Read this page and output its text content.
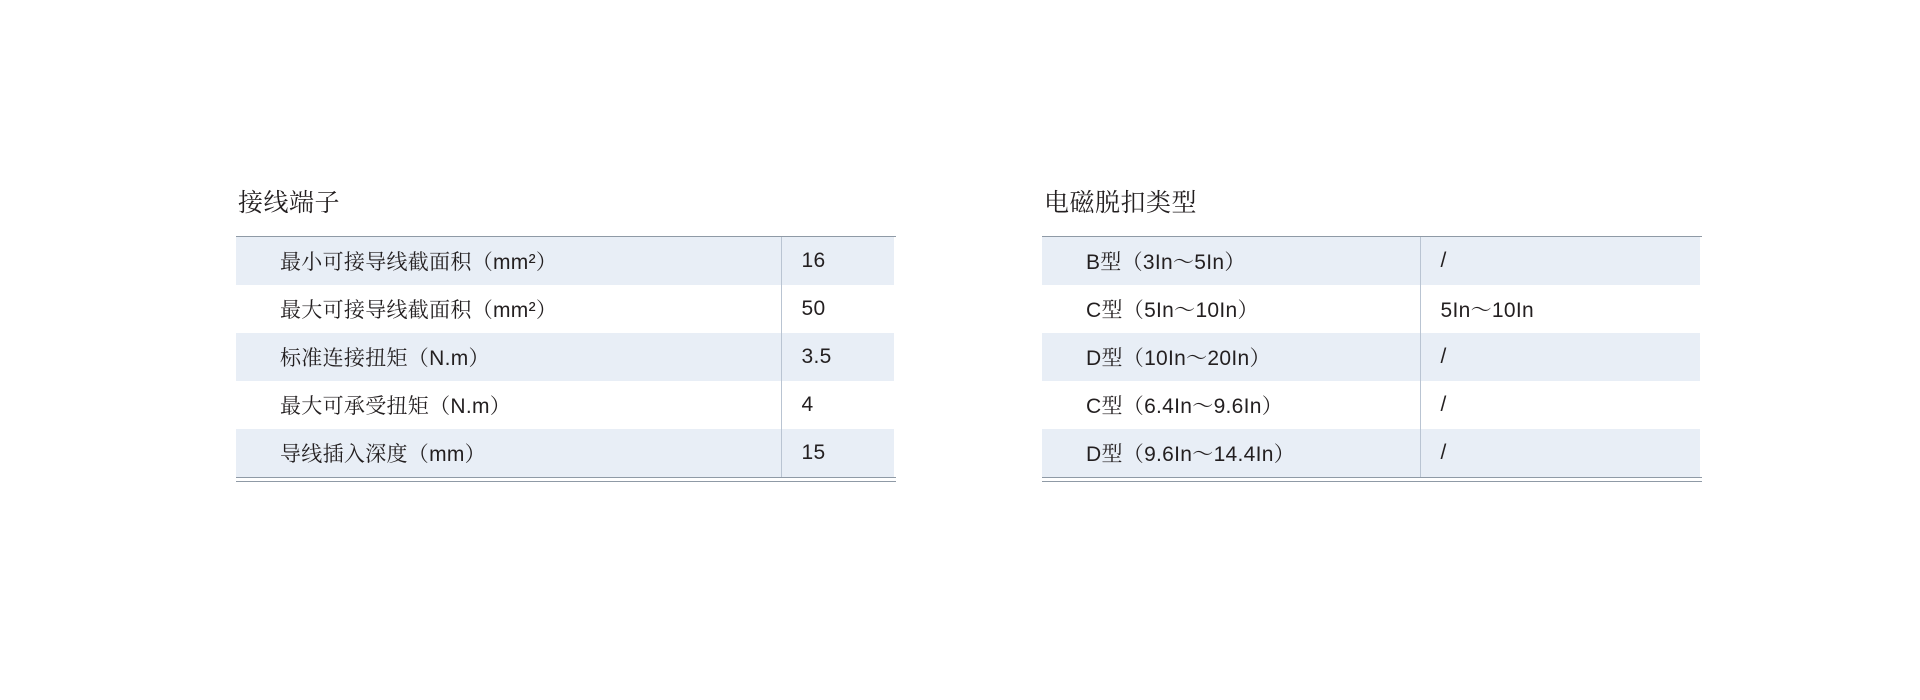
接线端子
最小可接导线截面积（mm²）	16
最大可接导线截面积（mm²）	50
标准连接扭矩（N.m）	3.5
最大可承受扭矩（N.m）	4
导线插入深度（mm）	15
电磁脱扣类型
B型（3In～5In）	/
C型（5In～10In）	5In～10In
D型（10In～20In）	/
C型（6.4In～9.6In）	/
D型（9.6In～14.4In）	/
